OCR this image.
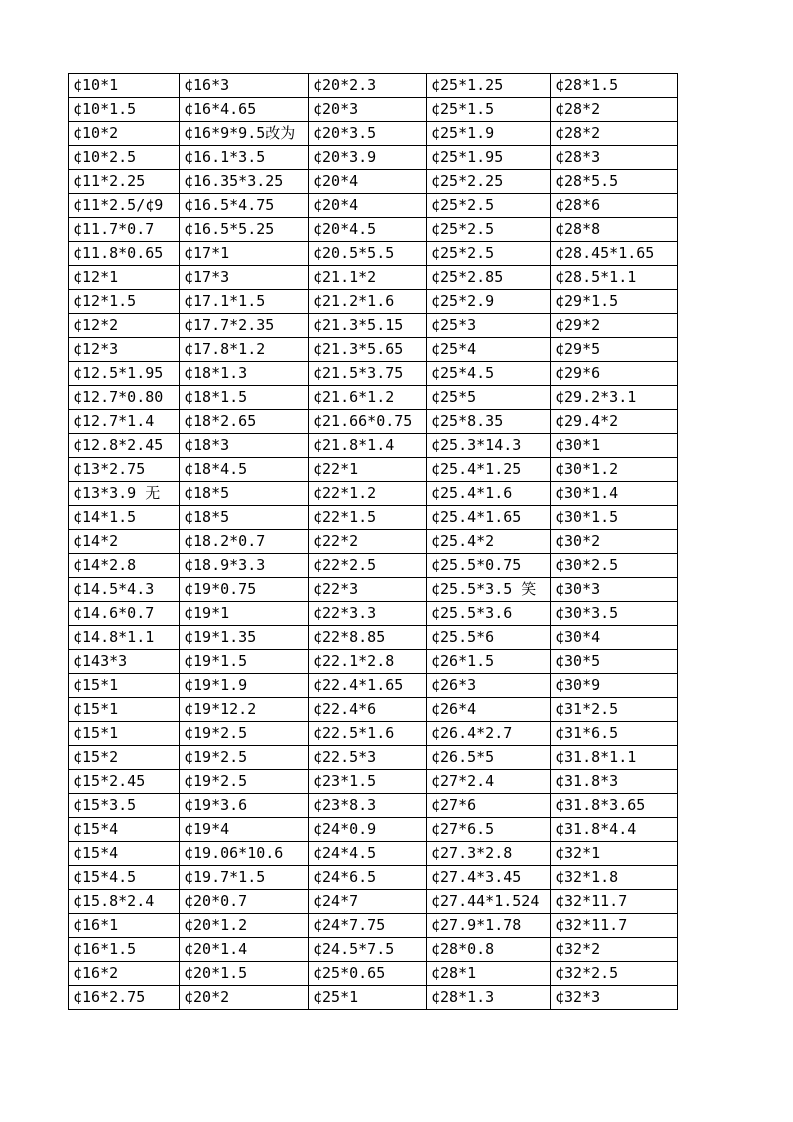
¢10*1	¢16*3	¢20*2.3	¢25*1.25	¢28*1.5
¢10*1.5	¢16*4.65	¢20*3	¢25*1.5	¢28*2
¢10*2	¢16*9*9.5改为	¢20*3.5	¢25*1.9	¢28*2
¢10*2.5	¢16.1*3.5	¢20*3.9	¢25*1.95	¢28*3
¢11*2.25	¢16.35*3.25	¢20*4	¢25*2.25	¢28*5.5
¢11*2.5/¢9	¢16.5*4.75	¢20*4	¢25*2.5	¢28*6
¢11.7*0.7	¢16.5*5.25	¢20*4.5	¢25*2.5	¢28*8
¢11.8*0.65	¢17*1	¢20.5*5.5	¢25*2.5	¢28.45*1.65
¢12*1	¢17*3	¢21.1*2	¢25*2.85	¢28.5*1.1
¢12*1.5	¢17.1*1.5	¢21.2*1.6	¢25*2.9	¢29*1.5
¢12*2	¢17.7*2.35	¢21.3*5.15	¢25*3	¢29*2
¢12*3	¢17.8*1.2	¢21.3*5.65	¢25*4	¢29*5
¢12.5*1.95	¢18*1.3	¢21.5*3.75	¢25*4.5	¢29*6
¢12.7*0.80	¢18*1.5	¢21.6*1.2	¢25*5	¢29.2*3.1
¢12.7*1.4	¢18*2.65	¢21.66*0.75	¢25*8.35	¢29.4*2
¢12.8*2.45	¢18*3	¢21.8*1.4	¢25.3*14.3	¢30*1
¢13*2.75	¢18*4.5	¢22*1	¢25.4*1.25	¢30*1.2
¢13*3.9 无	¢18*5	¢22*1.2	¢25.4*1.6	¢30*1.4
¢14*1.5	¢18*5	¢22*1.5	¢25.4*1.65	¢30*1.5
¢14*2	¢18.2*0.7	¢22*2	¢25.4*2	¢30*2
¢14*2.8	¢18.9*3.3	¢22*2.5	¢25.5*0.75	¢30*2.5
¢14.5*4.3	¢19*0.75	¢22*3	¢25.5*3.5 笑	¢30*3
¢14.6*0.7	¢19*1	¢22*3.3	¢25.5*3.6	¢30*3.5
¢14.8*1.1	¢19*1.35	¢22*8.85	¢25.5*6	¢30*4
¢143*3	¢19*1.5	¢22.1*2.8	¢26*1.5	¢30*5
¢15*1	¢19*1.9	¢22.4*1.65	¢26*3	¢30*9
¢15*1	¢19*12.2	¢22.4*6	¢26*4	¢31*2.5
¢15*1	¢19*2.5	¢22.5*1.6	¢26.4*2.7	¢31*6.5
¢15*2	¢19*2.5	¢22.5*3	¢26.5*5	¢31.8*1.1
¢15*2.45	¢19*2.5	¢23*1.5	¢27*2.4	¢31.8*3
¢15*3.5	¢19*3.6	¢23*8.3	¢27*6	¢31.8*3.65
¢15*4	¢19*4	¢24*0.9	¢27*6.5	¢31.8*4.4
¢15*4	¢19.06*10.6	¢24*4.5	¢27.3*2.8	¢32*1
¢15*4.5	¢19.7*1.5	¢24*6.5	¢27.4*3.45	¢32*1.8
¢15.8*2.4	¢20*0.7	¢24*7	¢27.44*1.524	¢32*11.7
¢16*1	¢20*1.2	¢24*7.75	¢27.9*1.78	¢32*11.7
¢16*1.5	¢20*1.4	¢24.5*7.5	¢28*0.8	¢32*2
¢16*2	¢20*1.5	¢25*0.65	¢28*1	¢32*2.5
¢16*2.75	¢20*2	¢25*1	¢28*1.3	¢32*3
